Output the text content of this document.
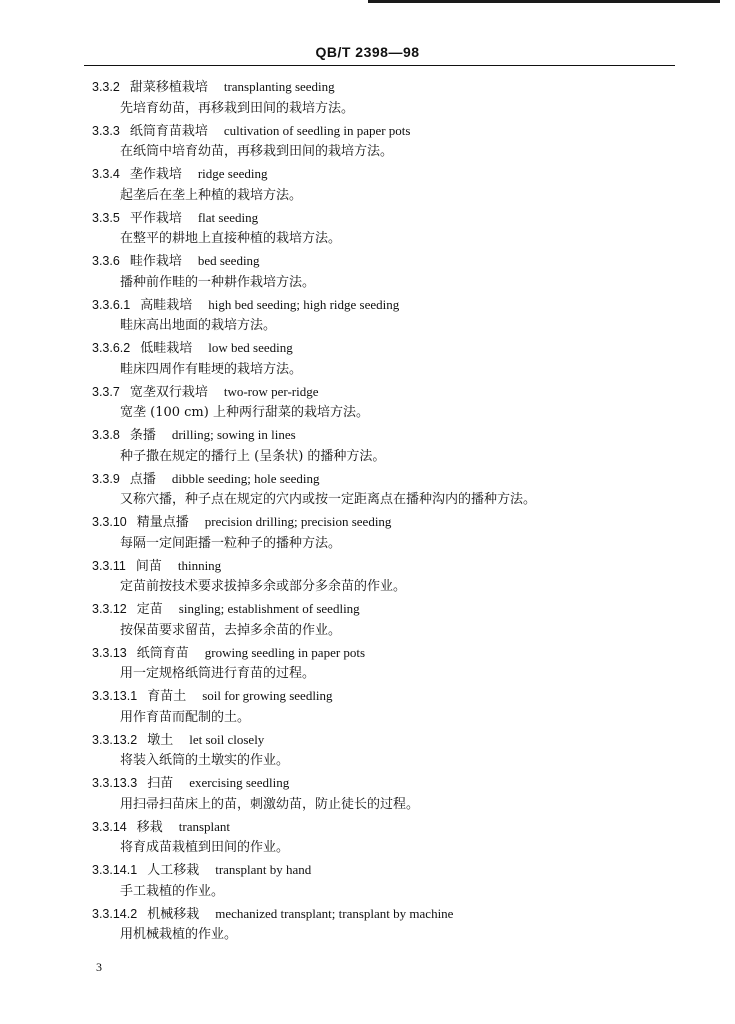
QB/T 2398—98
3.3.2 甜菜移植栽培 transplanting seeding
先培育幼苗，再移栽到田间的栽培方法。
3.3.3 纸筒育苗栽培 cultivation of seedling in paper pots
在纸筒中培育幼苗，再移栽到田间的栽培方法。
3.3.4 垄作栽培 ridge seeding
起垄后在垄上种植的栽培方法。
3.3.5 平作栽培 flat seeding
在整平的耕地上直接种植的栽培方法。
3.3.6 畦作栽培 bed seeding
播种前作畦的一种耕作栽培方法。
3.3.6.1 高畦栽培 high bed seeding; high ridge seeding
畦床高出地面的栽培方法。
3.3.6.2 低畦栽培 low bed seeding
畦床四周作有畦埂的栽培方法。
3.3.7 宽垄双行栽培 two-row per-ridge
宽垄 (100 cm) 上种两行甜菜的栽培方法。
3.3.8 条播 drilling; sowing in lines
种子撒在规定的播行上 (呈条状) 的播种方法。
3.3.9 点播 dibble seeding; hole seeding
又称穴播，种子点在规定的穴内或按一定距离点在播种沟内的播种方法。
3.3.10 精量点播 precision drilling; precision seeding
每隔一定间距播一粒种子的播种方法。
3.3.11 间苗 thinning
定苗前按技术要求拔掉多余或部分多余苗的作业。
3.3.12 定苗 singling; establishment of seedling
按保苗要求留苗，去掉多余苗的作业。
3.3.13 纸筒育苗 growing seedling in paper pots
用一定规格纸筒进行育苗的过程。
3.3.13.1 育苗土 soil for growing seedling
用作育苗而配制的土。
3.3.13.2 墩土 let soil closely
将装入纸筒的土墩实的作业。
3.3.13.3 扫苗 exercising seedling
用扫帚扫苗床上的苗，刺激幼苗，防止徒长的过程。
3.3.14 移栽 transplant
将育成苗栽植到田间的作业。
3.3.14.1 人工移栽 transplant by hand
手工栽植的作业。
3.3.14.2 机械移栽 mechanized transplant; transplant by machine
用机械栽植的作业。
3
